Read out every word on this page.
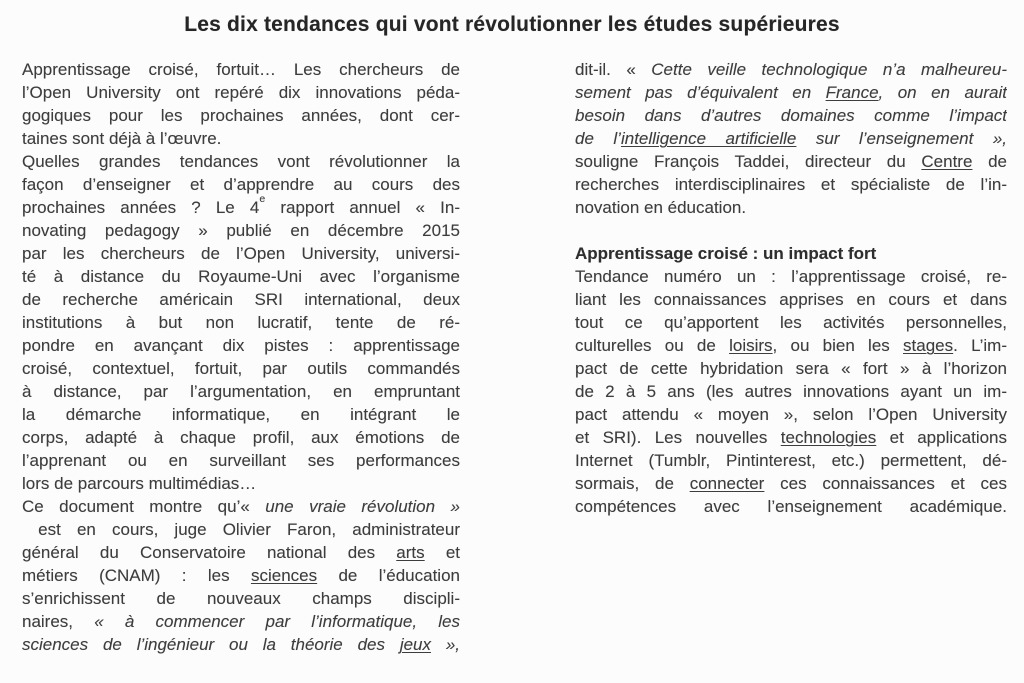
Les dix tendances qui vont révolutionner les études supérieures
Apprentissage croisé, fortuit… Les chercheurs de
l’Open University ont repéré dix innovations péda-
gogiques pour les prochaines années, dont cer-
taines sont déjà à l’œuvre.
Quelles grandes tendances vont révolutionner la
façon d’enseigner et d’apprendre au cours des
prochaines années ? Le 4e rapport annuel « In-
novating pedagogy » publié en décembre 2015
par les chercheurs de l’Open University, universi-
té à distance du Royaume-Uni avec l’organisme
de recherche américain SRI international, deux
institutions à but non lucratif, tente de ré-
pondre en avançant dix pistes : apprentissage
croisé, contextuel, fortuit, par outils commandés
à distance, par l’argumentation, en empruntant
la démarche informatique, en intégrant le
corps, adapté à chaque profil, aux émotions de
l’apprenant ou en surveillant ses performances
lors de parcours multimédias…
Ce document montre qu’« une vraie révolution »
est en cours, juge Olivier Faron, administrateur
général du Conservatoire national des arts et
métiers (CNAM) : les sciences de l’éducation
s’enrichissent de nouveaux champs discipli-
naires, « à commencer par l’informatique, les
sciences de l’ingénieur ou la théorie des jeux »,
dit-il. « Cette veille technologique n’a malheureu-
sement pas d’équivalent en France, on en aurait
besoin dans d’autres domaines comme l’impact
de l’intelligence artificielle sur l’enseignement »,
souligne François Taddei, directeur du Centre de
recherches interdisciplinaires et spécialiste de l’in-
novation en éducation.
Apprentissage croisé : un impact fort
Tendance numéro un : l’apprentissage croisé, re-
liant les connaissances apprises en cours et dans
tout ce qu’apportent les activités personnelles,
culturelles ou de loisirs, ou bien les stages. L’im-
pact de cette hybridation sera « fort » à l’horizon
de 2 à 5 ans (les autres innovations ayant un im-
pact attendu « moyen », selon l’Open University
et SRI). Les nouvelles technologies et applications
Internet (Tumblr, Pintinterest, etc.) permettent, dé-
sormais, de connecter ces connaissances et ces
compétences avec l’enseignement académique.
